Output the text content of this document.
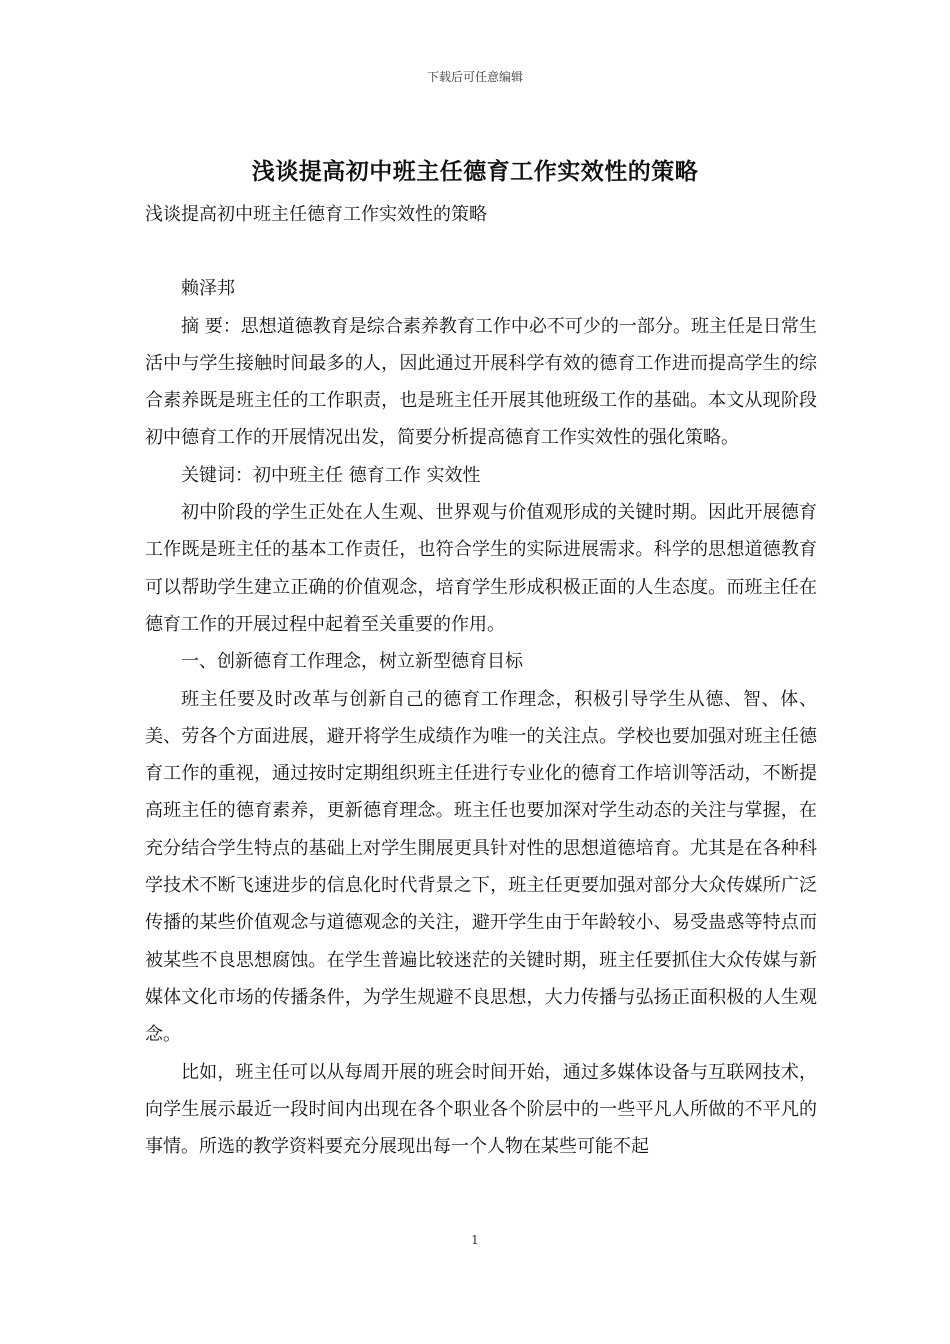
下载后可任意编辑
浅谈提高初中班主任德育工作实效性的策略

浅谈提高初中班主任德育工作实效性的策略

赖泽邦

摘 要：思想道德教育是综合素养教育工作中必不可少的一部分。班主任是日常生活中与学生接触时间最多的人，因此通过开展科学有效的德育工作进而提高学生的综合素养既是班主任的工作职责，也是班主任开展其他班级工作的基础。本文从现阶段初中德育工作的开展情况出发，简要分析提高德育工作实效性的强化策略。

关键词：初中班主任 德育工作 实效性

初中阶段的学生正处在人生观、世界观与价值观形成的关键时期。因此开展德育工作既是班主任的基本工作责任，也符合学生的实际进展需求。科学的思想道德教育可以帮助学生建立正确的价值观念，培育学生形成积极正面的人生态度。而班主任在德育工作的开展过程中起着至关重要的作用。

一、创新德育工作理念，树立新型德育目标

班主任要及时改革与创新自己的德育工作理念，积极引导学生从德、智、体、美、劳各个方面进展，避开将学生成绩作为唯一的关注点。学校也要加强对班主任德育工作的重视，通过按时定期组织班主任进行专业化的德育工作培训等活动，不断提高班主任的德育素养，更新德育理念。班主任也要加深对学生动态的关注与掌握，在充分结合学生特点的基础上对学生開展更具针对性的思想道德培育。尤其是在各种科学技术不断飞速进步的信息化时代背景之下，班主任更要加强对部分大众传媒所广泛传播的某些价值观念与道德观念的关注，避开学生由于年龄较小、易受蛊惑等特点而被某些不良思想腐蚀。在学生普遍比较迷茫的关键时期，班主任要抓住大众传媒与新媒体文化市场的传播条件，为学生规避不良思想，大力传播与弘扬正面积极的人生观念。

比如，班主任可以从每周开展的班会时间开始，通过多媒体设备与互联网技术，向学生展示最近一段时间内出现在各个职业各个阶层中的一些平凡人所做的不平凡的事情。所选的教学资料要充分展现出每一个人物在某些可能不起

1
